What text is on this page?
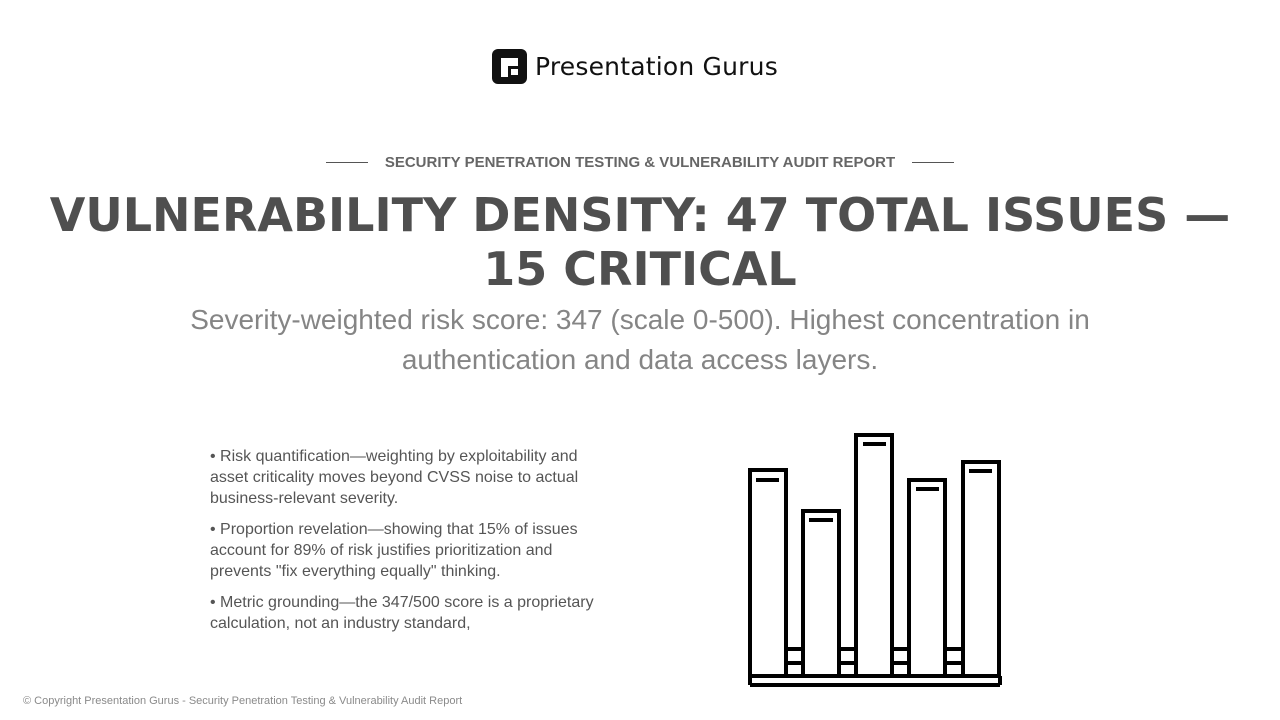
Presentation Gurus
SECURITY PENETRATION TESTING & VULNERABILITY AUDIT REPORT
VULNERABILITY DENSITY: 47 TOTAL ISSUES — 15 CRITICAL

Severity-weighted risk score: 347 (scale 0-500). Highest concentration in authentication and data access layers.

• Risk quantification—weighting by exploitability and asset criticality moves beyond CVSS noise to actual business-relevant severity.

• Proportion revelation—showing that 15% of issues account for 89% of risk justifies prioritization and prevents "fix everything equally" thinking.

• Metric grounding—the 347/500 score is a proprietary calculation, not an industry standard,

© Copyright Presentation Gurus - Security Penetration Testing & Vulnerability Audit Report
